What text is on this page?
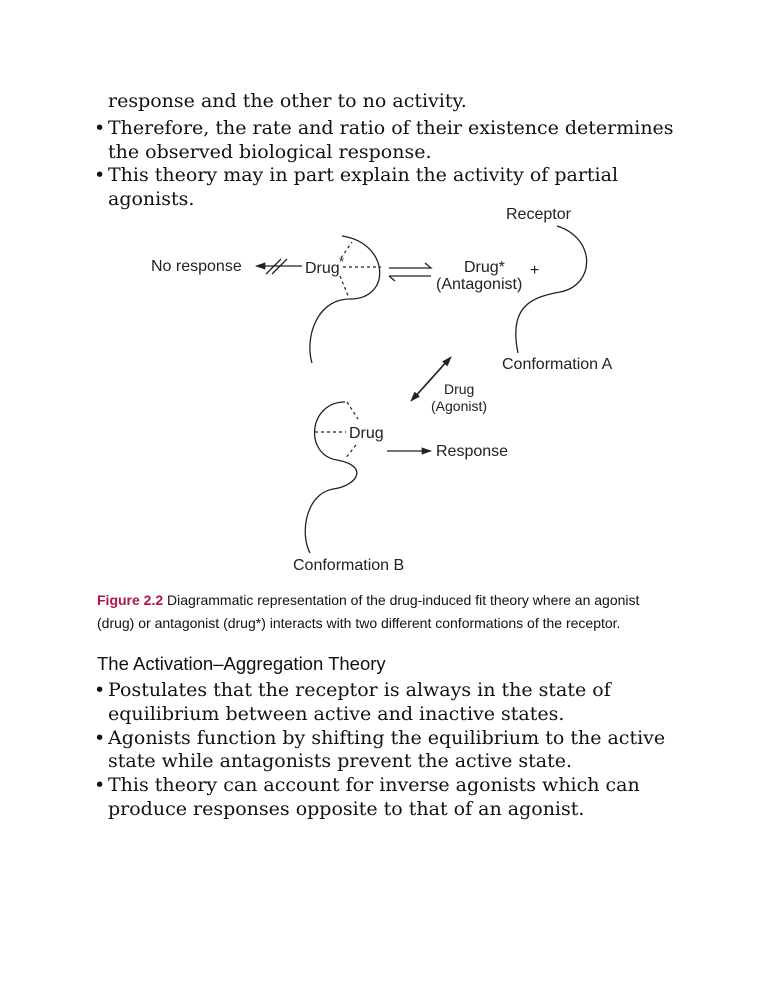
response and the other to no activity.
• Therefore, the rate and ratio of their existence determines the observed biological response.
• This theory may in part explain the activity of partial agonists.
Receptor
Conformation A
Drug* +
(Antagonist)
Drug *
No response
Drug
(Agonist)
Drug
Response
Conformation B
Figure 2.2 Diagrammatic representation of the drug-induced fit theory where an agonist (drug) or antagonist (drug*) interacts with two different conformations of the receptor.
The Activation–Aggregation Theory
• Postulates that the receptor is always in the state of equilibrium between active and inactive states.
• Agonists function by shifting the equilibrium to the active state while antagonists prevent the active state.
• This theory can account for inverse agonists which can produce responses opposite to that of an agonist.
